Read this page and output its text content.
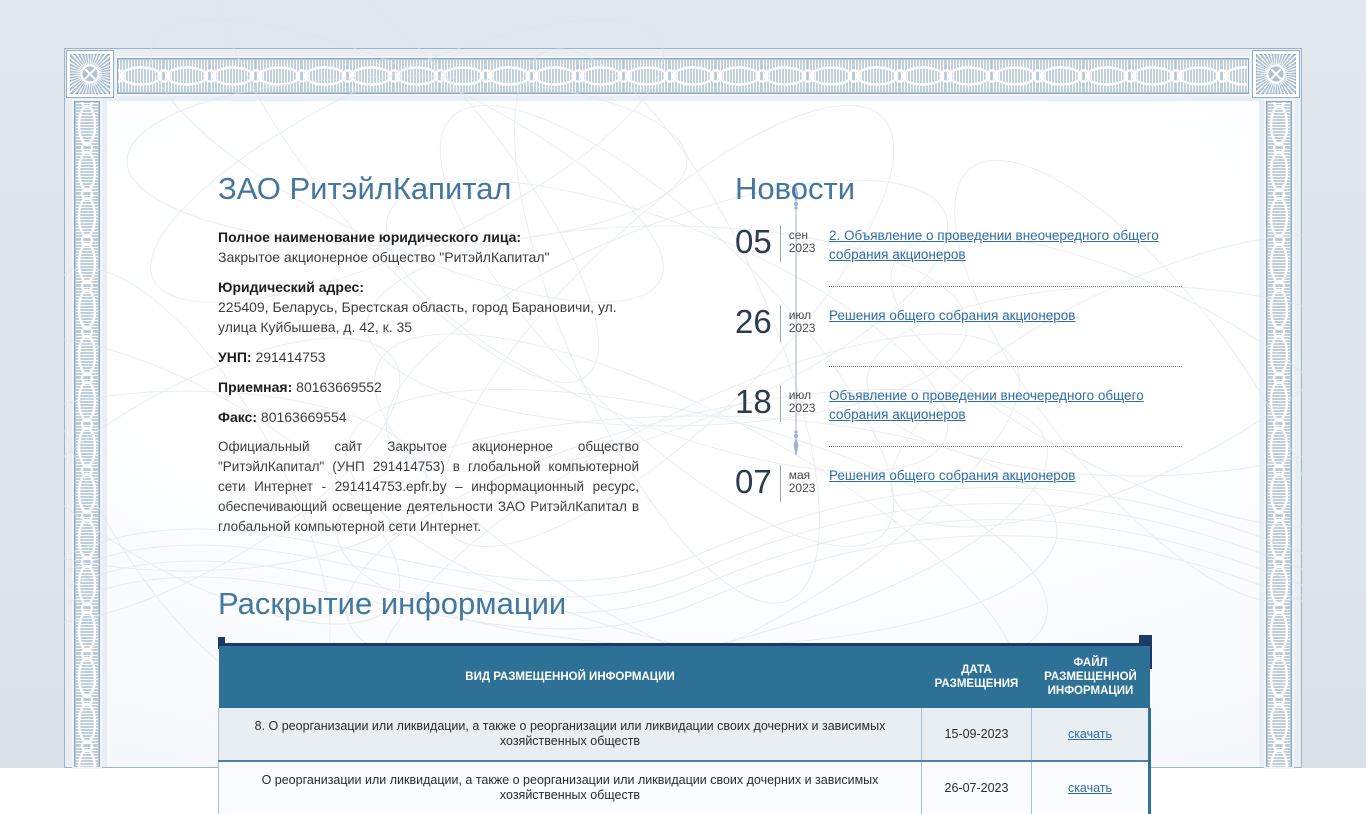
ЗАО РитэйлКапитал
Полное наименование юридического лица:
Закрытое акционерное общество "РитэйлКапитал"
Юридический адрес:
225409, Беларусь, Брестская область, город Барановичи, ул. улица Куйбышева, д. 42, к. 35
УНП: 291414753
Приемная: 80163669552
Факс: 80163669554

Официальный сайт Закрытое акционерное общество "РитэйлКапитал" (УНП 291414753) в глобальной компьютерной сети Интернет - 291414753.epfr.by – информационный ресурс, обеспечивающий освещение деятельности ЗАО РитэйлКапитал в глобальной компьютерной сети Интернет.

Новости
05	сен
2023
2. Объявление о проведении внеочередного общего собрания акционеров
26	июл
2023
Решения общего собрания акционеров
18	июл
2023
Объявление о проведении внеочередного общего собрания акционеров
07	мая
2023
Решения общего собрания акционеров
Раскрытие информации
ВИД РАЗМЕЩЕННОЙ ИНФОРМАЦИИ	ДАТА РАЗМЕЩЕНИЯ	ФАЙЛ РАЗМЕЩЕННОЙ ИНФОРМАЦИИ
8. О реорганизации или ликвидации, а также о реорганизации или ликвидации своих дочерних и зависимых хозяйственных обществ	15-09-2023	скачать
О реорганизации или ликвидации, а также о реорганизации или ликвидации своих дочерних и зависимых хозяйственных обществ	26-07-2023	скачать
